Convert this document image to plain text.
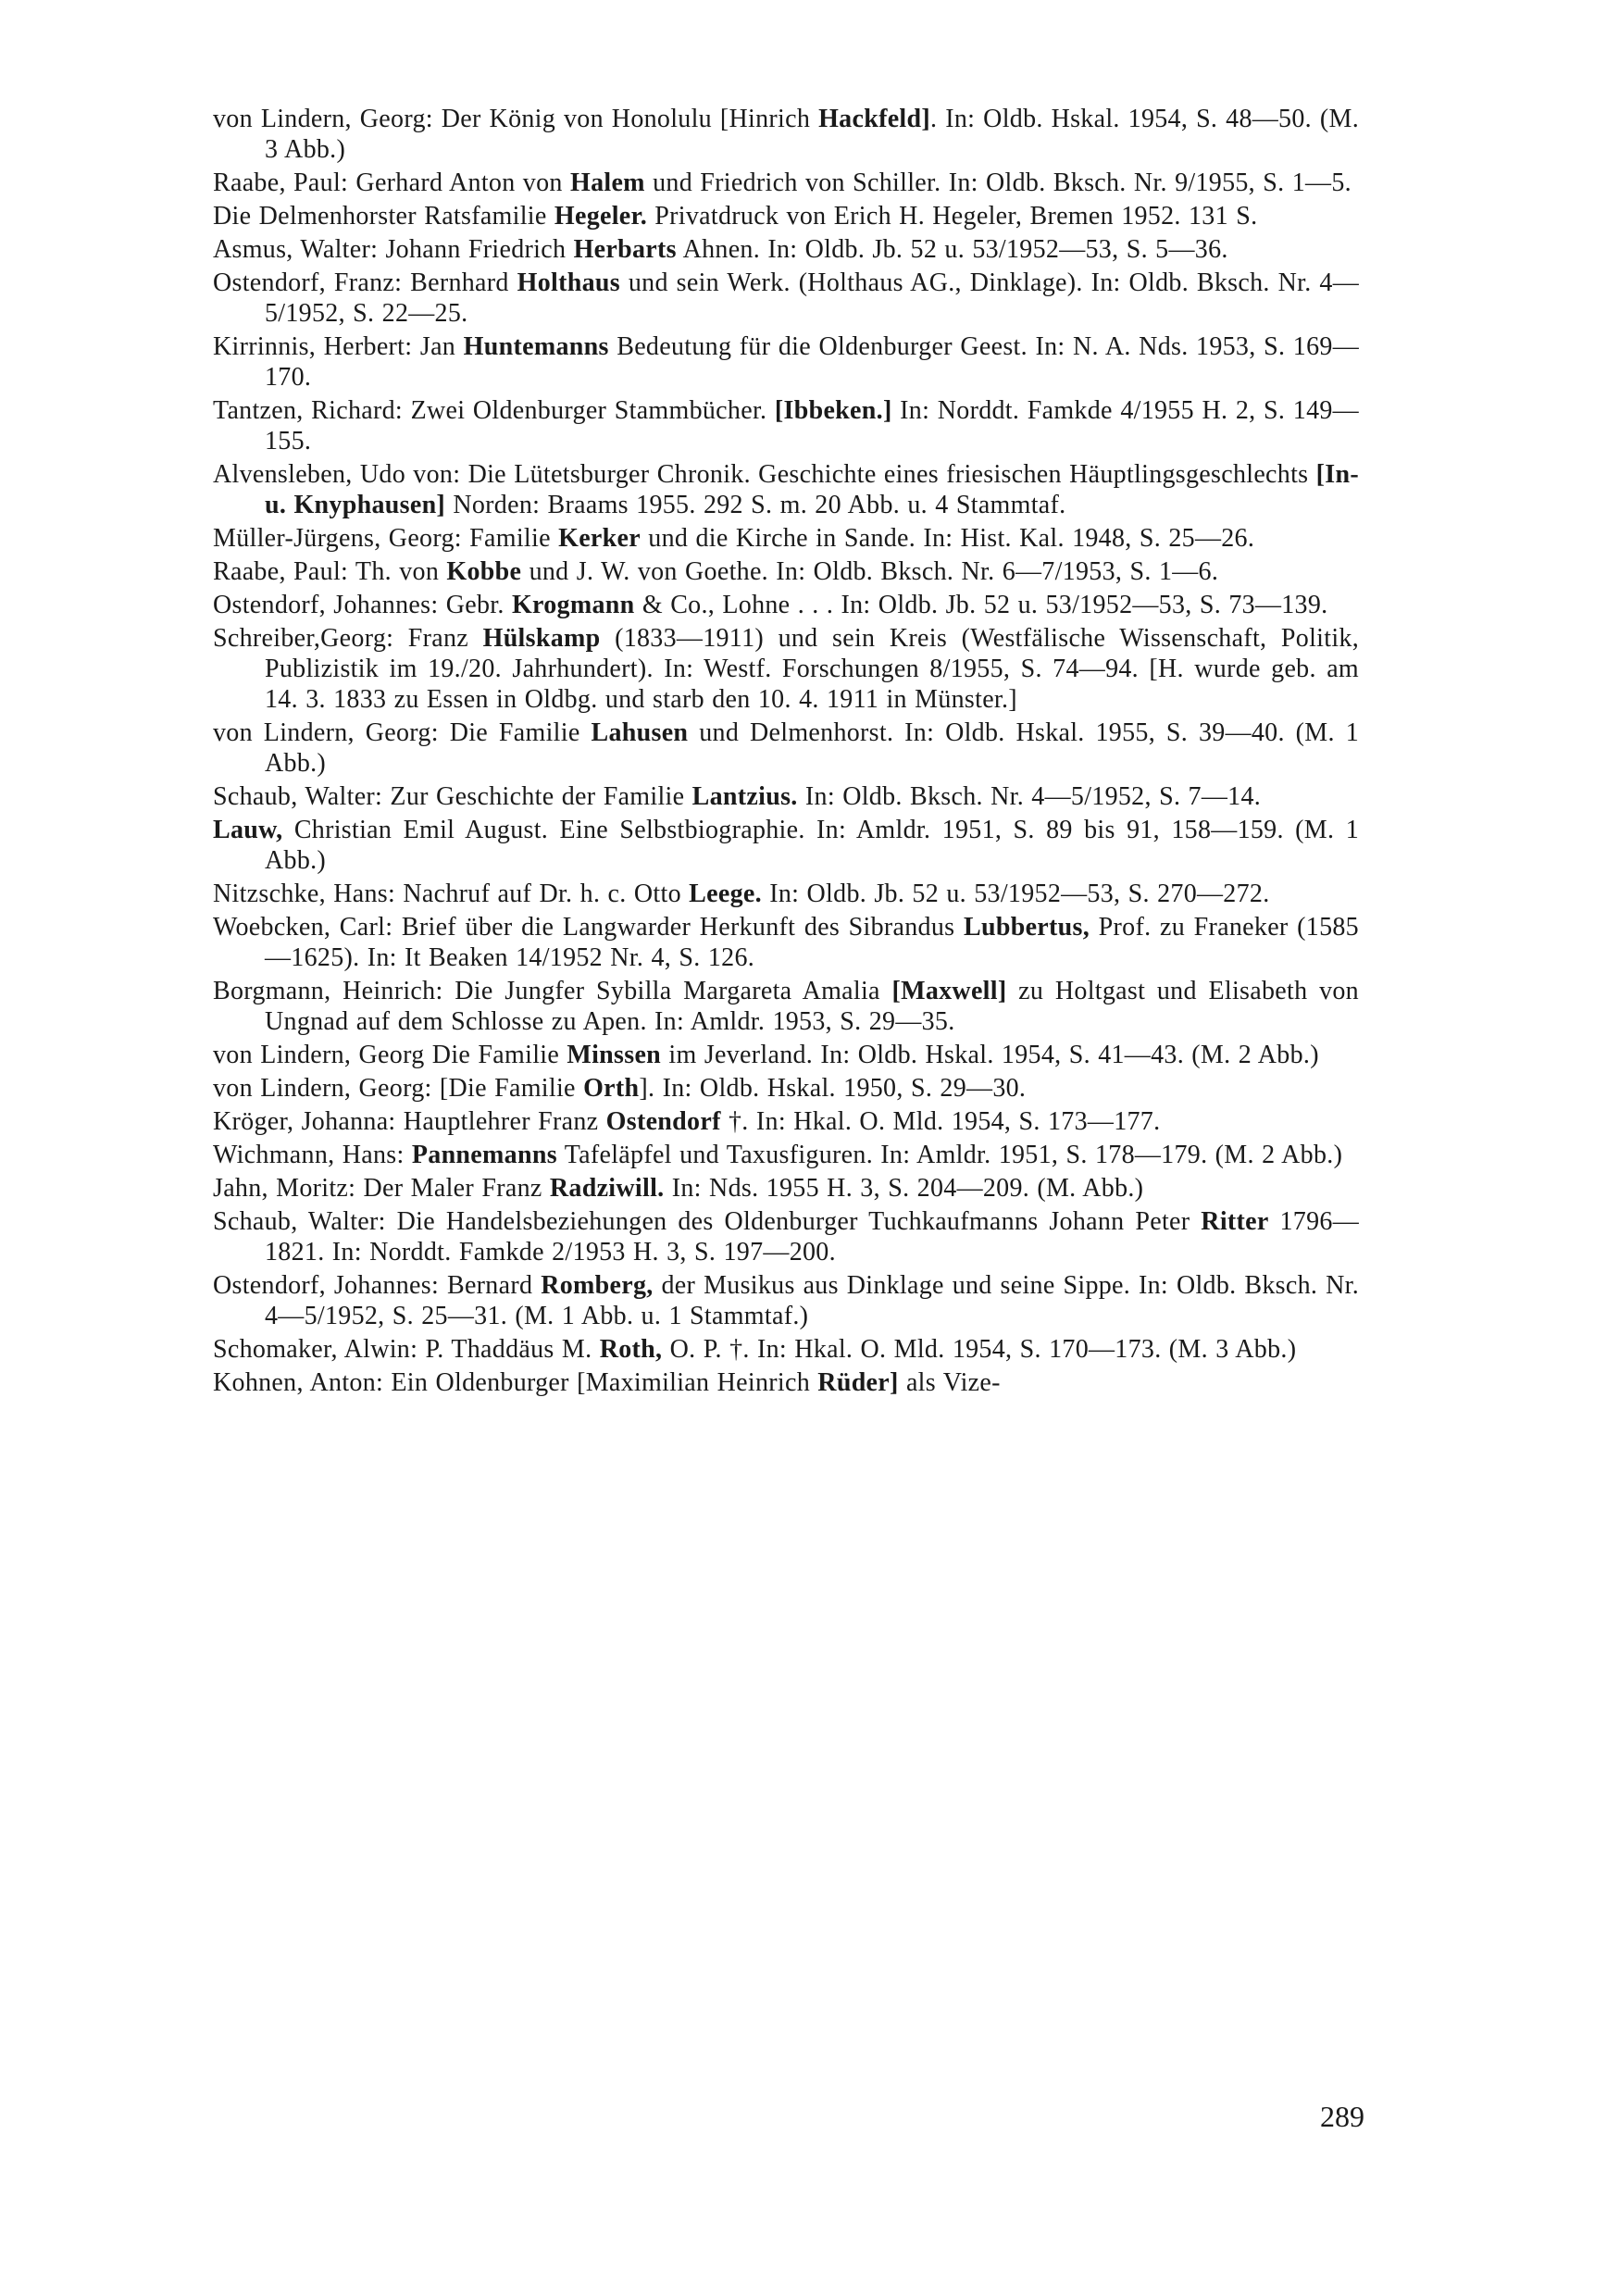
von Lindern, Georg: Der König von Honolulu [Hinrich Hackfeld]. In: Oldb. Hskal. 1954, S. 48—50. (M. 3 Abb.)

Raabe, Paul: Gerhard Anton von Halem und Friedrich von Schiller. In: Oldb. Bksch. Nr. 9/1955, S. 1—5.

Die Delmenhorster Ratsfamilie Hegeler. Privatdruck von Erich H. Hegeler, Bremen 1952. 131 S.

Asmus, Walter: Johann Friedrich Herbarts Ahnen. In: Oldb. Jb. 52 u. 53/1952—53, S. 5—36.

Ostendorf, Franz: Bernhard Holthaus und sein Werk. (Holthaus AG., Dinklage). In: Oldb. Bksch. Nr. 4—5/1952, S. 22—25.

Kirrinnis, Herbert: Jan Huntemanns Bedeutung für die Oldenburger Geest. In: N. A. Nds. 1953, S. 169—170.

Tantzen, Richard: Zwei Oldenburger Stammbücher. [Ibbeken.] In: Norddt. Famkde 4/1955 H. 2, S. 149—155.

Alvensleben, Udo von: Die Lütetsburger Chronik. Geschichte eines friesischen Häuptlingsgeschlechts [In- u. Knyphausen] Norden: Braams 1955. 292 S. m. 20 Abb. u. 4 Stammtaf.

Müller-Jürgens, Georg: Familie Kerker und die Kirche in Sande. In: Hist. Kal. 1948, S. 25—26.

Raabe, Paul: Th. von Kobbe und J. W. von Goethe. In: Oldb. Bksch. Nr. 6—7/1953, S. 1—6.

Ostendorf, Johannes: Gebr. Krogmann & Co., Lohne . . . In: Oldb. Jb. 52 u. 53/1952—53, S. 73—139.

Schreiber,Georg: Franz Hülskamp (1833—1911) und sein Kreis (Westfälische Wissenschaft, Politik, Publizistik im 19./20. Jahrhundert). In: Westf. Forschungen 8/1955, S. 74—94. [H. wurde geb. am 14. 3. 1833 zu Essen in Oldbg. und starb den 10. 4. 1911 in Münster.]

von Lindern, Georg: Die Familie Lahusen und Delmenhorst. In: Oldb. Hskal. 1955, S. 39—40. (M. 1 Abb.)

Schaub, Walter: Zur Geschichte der Familie Lantzius. In: Oldb. Bksch. Nr. 4—5/1952, S. 7—14.

Lauw, Christian Emil August. Eine Selbstbiographie. In: Amldr. 1951, S. 89 bis 91, 158—159. (M. 1 Abb.)

Nitzschke, Hans: Nachruf auf Dr. h. c. Otto Leege. In: Oldb. Jb. 52 u. 53/1952—53, S. 270—272.

Woebcken, Carl: Brief über die Langwarder Herkunft des Sibrandus Lubbertus, Prof. zu Franeker (1585—1625). In: It Beaken 14/1952 Nr. 4, S. 126.

Borgmann, Heinrich: Die Jungfer Sybilla Margareta Amalia [Maxwell] zu Holtgast und Elisabeth von Ungnad auf dem Schlosse zu Apen. In: Amldr. 1953, S. 29—35.

von Lindern, Georg Die Familie Minssen im Jeverland. In: Oldb. Hskal. 1954, S. 41—43. (M. 2 Abb.)

von Lindern, Georg: [Die Familie Orth]. In: Oldb. Hskal. 1950, S. 29—30.

Kröger, Johanna: Hauptlehrer Franz Ostendorf †. In: Hkal. O. Mld. 1954, S. 173—177.

Wichmann, Hans: Pannemanns Tafeläpfel und Taxusfiguren. In: Amldr. 1951, S. 178—179. (M. 2 Abb.)

Jahn, Moritz: Der Maler Franz Radziwill. In: Nds. 1955 H. 3, S. 204—209. (M. Abb.)

Schaub, Walter: Die Handelsbeziehungen des Oldenburger Tuchkaufmanns Johann Peter Ritter 1796—1821. In: Norddt. Famkde 2/1953 H. 3, S. 197—200.

Ostendorf, Johannes: Bernard Romberg, der Musikus aus Dinklage und seine Sippe. In: Oldb. Bksch. Nr. 4—5/1952, S. 25—31. (M. 1 Abb. u. 1 Stammtaf.)

Schomaker, Alwin: P. Thaddäus M. Roth, O. P. †. In: Hkal. O. Mld. 1954, S. 170—173. (M. 3 Abb.)

Kohnen, Anton: Ein Oldenburger [Maximilian Heinrich Rüder] als Vize-

289
